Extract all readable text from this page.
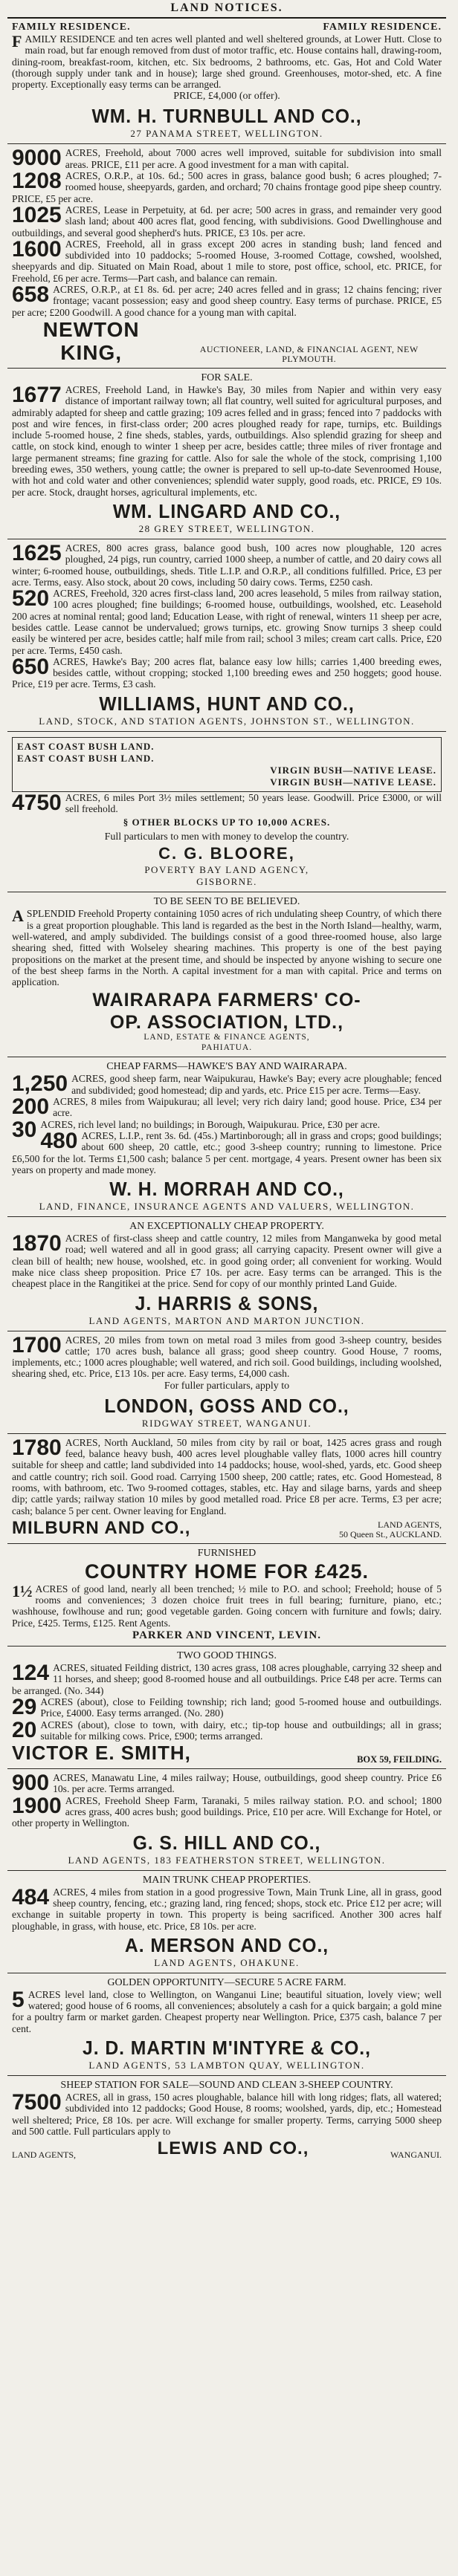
LAND NOTICES.
FAMILY RESIDENCE.	FAMILY RESIDENCE.

FAMILY RESIDENCE and ten acres well planted and well sheltered grounds, at Lower Hutt. Close to main road, but far enough removed from dust of motor traffic, etc. House contains hall, drawing-room, dining-room, breakfast-room, kitchen, etc. Six bedrooms, 2 bathrooms, etc. Gas, Hot and Cold Water (thorough supply under tank and in house); large shed ground. Greenhouses, motor-shed, etc. A fine property. Exceptionally easy terms can be arranged.

PRICE, £4,000 (or offer).
WM. H. TURNBULL AND CO.,
27 PANAMA STREET, WELLINGTON.

9000 ACRES, Freehold, about 7000 acres well improved, suitable for subdivision into small areas. PRICE, £11 per acre. A good investment for a man with capital.

1208 ACRES, O.R.P., at 10s. 6d.; 500 acres in grass, balance good bush; 6 acres ploughed; 7-roomed house, sheepyards, garden, and orchard; 70 chains frontage good pipe sheep country. PRICE, £5 per acre.

1025 ACRES, Lease in Perpetuity, at 6d. per acre; 500 acres in grass, and remainder very good slash land; about 400 acres flat, good fencing, with subdivisions. Good Dwellinghouse and outbuildings, and several good shepherd's huts. PRICE, £3 10s. per acre.

1600 ACRES, Freehold, all in grass except 200 acres in standing bush; land fenced and subdivided into 10 paddocks; 5-roomed House, 3-roomed Cottage, cowshed, woolshed, sheepyards and dip. Situated on Main Road, about 1 mile to store, post office, school, etc. PRICE, for Freehold, £6 per acre. Terms—Part cash, and balance can remain.

658 ACRES, O.R.P., at £1 8s. 6d. per acre; 240 acres felled and in grass; 12 chains fencing; river frontage; vacant possession; easy and good sheep country. Easy terms of purchase. PRICE, £5 per acre; £200 Goodwill. A good chance for a young man with capital.

NEWTON KING,	AUCTIONEER, LAND, & FINANCIAL AGENT, NEW PLYMOUTH.
FOR SALE.

1677 ACRES, Freehold Land, in Hawke's Bay, 30 miles from Napier and within very easy distance of important railway town; all flat country, well suited for agricultural purposes, and admirably adapted for sheep and cattle grazing; 109 acres felled and in grass; fenced into 7 paddocks with post and wire fences, in first-class order; 200 acres ploughed ready for rape, turnips, etc. Buildings include 5-roomed house, 2 fine sheds, stables, yards, outbuildings. Also splendid grazing for sheep and cattle, on stock kind, enough to winter 1 sheep per acre, besides cattle; three miles of river frontage and large permanent streams; fine grazing for cattle. Also for sale the whole of the stock, comprising 1,100 breeding ewes, 350 wethers, young cattle; the owner is prepared to sell up-to-date Sevenroomed House, with hot and cold water and other conveniences; splendid water supply, good roads, etc. PRICE, £9 10s. per acre. Stock, draught horses, agricultural implements, etc.

WM. LINGARD AND CO.,
28 GREY STREET, WELLINGTON.

1625 ACRES, 800 acres grass, balance good bush, 100 acres now ploughable, 120 acres ploughed, 24 pigs, run country, carried 1000 sheep, a number of cattle, and 20 dairy cows all winter; 6-roomed house, outbuildings, sheds. Title L.I.P. and O.R.P., all conditions fulfilled. Price, £3 per acre. Terms, easy. Also stock, about 20 cows, including 50 dairy cows. Terms, £250 cash.

520 ACRES, Freehold, 320 acres first-class land, 200 acres leasehold, 5 miles from railway station, 100 acres ploughed; fine buildings; 6-roomed house, outbuildings, woolshed, etc. Leasehold 200 acres at nominal rental; good land; Education Lease, with right of renewal, winters 11 sheep per acre, besides cattle. Lease cannot be undervalued; grows turnips, etc. growing Snow turnips 3 sheep could easily be wintered per acre, besides cattle; half mile from rail; school 3 miles; cream cart calls. Price, £20 per acre. Terms, £450 cash.

650 ACRES, Hawke's Bay; 200 acres flat, balance easy low hills; carries 1,400 breeding ewes, besides cattle, without cropping; stocked 1,100 breeding ewes and 250 hoggets; good house. Price, £19 per acre. Terms, £3 cash.

WILLIAMS, HUNT AND CO.,
LAND, STOCK, AND STATION AGENTS, JOHNSTON ST., WELLINGTON.
EAST COAST BUSH LAND.
EAST COAST BUSH LAND.
VIRGIN BUSH—NATIVE LEASE.
VIRGIN BUSH—NATIVE LEASE.

4750 ACRES, 6 miles Port 3½ miles settlement; 50 years lease. Goodwill. Price £3000, or will sell freehold.

§ OTHER BLOCKS UP TO 10,000 ACRES.
Full particulars to men with money to develop the country.
C. G. BLOORE,
POVERTY BAY LAND AGENCY,
GISBORNE.
TO BE SEEN TO BE BELIEVED.

ASPLENDID Freehold Property containing 1050 acres of rich undulating sheep Country, of which there is a great proportion ploughable. This land is regarded as the best in the North Island—healthy, warm, well-watered, and amply subdivided. The buildings consist of a good three-roomed house, also large shearing shed, fitted with Wolseley shearing machines. This property is one of the best paying propositions on the market at the present time, and should be inspected by anyone wishing to secure one of the best sheep farms in the North. A capital investment for a man with capital. Price and terms on application.

WAIRARAPA FARMERS' CO-
OP. ASSOCIATION, LTD.,
LAND, ESTATE & FINANCE AGENTS,
PAHIATUA.
CHEAP FARMS—HAWKE'S BAY AND WAIRARAPA.

1,250 ACRES, good sheep farm, near Waipukurau, Hawke's Bay; every acre ploughable; fenced and subdivided; good homestead; dip and yards, etc. Price £15 per acre. Terms—Easy.

200 ACRES, 8 miles from Waipukurau; all level; very rich dairy land; good house. Price, £34 per acre.

30 ACRES, rich level land; no buildings; in Borough, Waipukurau. Price, £30 per acre.

480 ACRES, L.I.P., rent 3s. 6d. (45s.) Martinborough; all in grass and crops; good buildings; about 600 sheep, 20 cattle, etc.; good 3-sheep country; running to limestone. Price £6,500 for the lot. Terms £1,500 cash; balance 5 per cent. mortgage, 4 years. Present owner has been six years on property and made money.

W. H. MORRAH AND CO.,
LAND, FINANCE, INSURANCE AGENTS AND VALUERS, WELLINGTON.
AN EXCEPTIONALLY CHEAP PROPERTY.

1870 ACRES of first-class sheep and cattle country, 12 miles from Manganweka by good metal road; well watered and all in good grass; all carrying capacity. Present owner will give a clean bill of health; new house, woolshed, etc. in good going order; all convenient for working. Would make nice class sheep proposition. Price £7 10s. per acre. Easy terms can be arranged. This is the cheapest place in the Rangitikei at the price. Send for copy of our monthly printed Land Guide.

J. HARRIS & SONS,
LAND AGENTS, MARTON AND MARTON JUNCTION.

1700 ACRES, 20 miles from town on metal road 3 miles from good 3-sheep country, besides cattle; 170 acres bush, balance all grass; good sheep country. Good House, 7 rooms, implements, etc.; 1000 acres ploughable; well watered, and rich soil. Good buildings, including woolshed, shearing shed, etc. Price, £13 10s. per acre. Easy terms, £4,000 cash.

For fuller particulars, apply to
LONDON, GOSS AND CO.,
RIDGWAY STREET, WANGANUI.

1780 ACRES, North Auckland, 50 miles from city by rail or boat, 1425 acres grass and rough feed, balance heavy bush, 400 acres level ploughable valley flats, 1000 acres hill country suitable for sheep and cattle; land subdivided into 14 paddocks; house, wool-shed, yards, etc. Good sheep and cattle country; rich soil. Good road. Carrying 1500 sheep, 200 cattle; rates, etc. Good Homestead, 8 rooms, with bathroom, etc. Two 9-roomed cottages, stables, etc. Hay and silage barns, yards and sheep dip; cattle yards; railway station 10 miles by good metalled road. Price £8 per acre. Terms, £3 per acre; cash; balance 5 per cent. Owner leaving for England.

MILBURN AND CO.,	LAND AGENTS,
50 Queen St., AUCKLAND.
FURNISHED
COUNTRY HOME FOR £425.

1½ ACRES of good land, nearly all been trenched; ½ mile to P.O. and school; Freehold; house of 5 rooms and conveniences; 3 dozen choice fruit trees in full bearing; furniture, piano, etc.; washhouse, fowlhouse and run; good vegetable garden. Going concern with furniture and fowls; dairy. Price, £425. Terms, £125. Rent Agents.

PARKER AND VINCENT, LEVIN.
TWO GOOD THINGS.

124 ACRES, situated Feilding district, 130 acres grass, 108 acres ploughable, carrying 32 sheep and 11 horses, and sheep; good 8-roomed house and all outbuildings. Price £48 per acre. Terms can be arranged. (No. 344)

29 ACRES (about), close to Feilding township; rich land; good 5-roomed house and outbuildings. Price, £4000. Easy terms arranged. (No. 280)

20 ACRES (about), close to town, with dairy, etc.; tip-top house and outbuildings; all in grass; suitable for milking cows. Price, £900; terms arranged.

VICTOR E. SMITH,	BOX 59, FEILDING.

900 ACRES, Manawatu Line, 4 miles railway; House, outbuildings, good sheep country. Price £6 10s. per acre. Terms arranged.

1900 ACRES, Freehold Sheep Farm, Taranaki, 5 miles railway station. P.O. and school; 1800 acres grass, 400 acres bush; good buildings. Price, £10 per acre. Will Exchange for Hotel, or other property in Wellington.

G. S. HILL AND CO.,
LAND AGENTS, 183 FEATHERSTON STREET, WELLINGTON.
MAIN TRUNK CHEAP PROPERTIES.

484 ACRES, 4 miles from station in a good progressive Town, Main Trunk Line, all in grass, good sheep country, fencing, etc.; grazing land, ring fenced; shops, stock etc. Price £12 per acre; will exchange in suitable property in town. This property is being sacrificed. Another 300 acres half ploughable, in grass, with house, etc. Price, £8 10s. per acre.

A. MERSON AND CO.,
LAND AGENTS, OHAKUNE.
GOLDEN OPPORTUNITY—SECURE 5 ACRE FARM.

5 ACRES level land, close to Wellington, on Wanganui Line; beautiful situation, lovely view; well watered; good house of 6 rooms, all conveniences; absolutely a cash for a quick bargain; a gold mine for a poultry farm or market garden. Cheapest property near Wellington. Price, £375 cash, balance 7 per cent.

J. D. MARTIN M'INTYRE & CO.,
LAND AGENTS, 53 LAMBTON QUAY, WELLINGTON.
SHEEP STATION FOR SALE—SOUND AND CLEAN 3-SHEEP COUNTRY.

7500 ACRES, all in grass, 150 acres ploughable, balance hill with long ridges; flats, all watered; subdivided into 12 paddocks; Good House, 8 rooms; woolshed, yards, dip, etc.; Homestead well sheltered; Price, £8 10s. per acre. Will exchange for smaller property. Terms, carrying 5000 sheep and 500 cattle. Full particulars apply to

LAND AGENTS,	LEWIS AND CO.,	WANGANUI.
